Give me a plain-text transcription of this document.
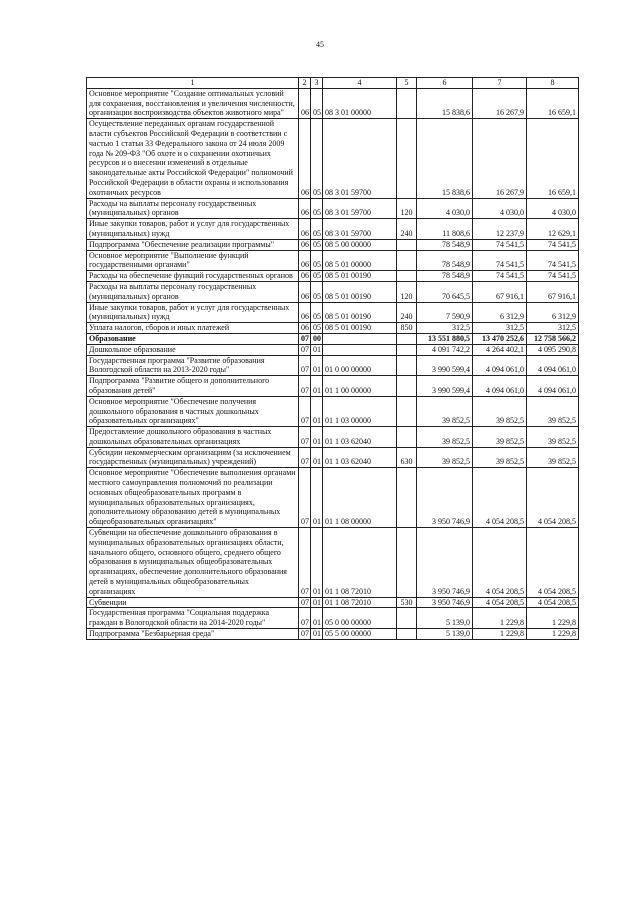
45
1	2	3	4	5	6	7	8
Основное мероприятие "Создание оптимальных условий для сохранения, восстановления и увеличения численности, организации воспроизводства объектов животного мира"	06	05	08 3 01 00000		15 838,6	16 267,9	16 659,1
Осуществление переданных органам государственной власти субъектов Российской Федерации в соответствии с частью 1 статьи 33 Федерального закона от 24 июля 2009 года № 209-ФЗ "Об охоте и о сохранении охотничьих ресурсов и о внесении изменений в отдельные законодательные акты Российской Федерации" полномочий Российской Федерации в области охраны и использования охотничьих ресурсов	06	05	08 3 01 59700		15 838,6	16 267,9	16 659,1
Расходы на выплаты персоналу государственных (муниципальных) органов	06	05	08 3 01 59700	120	4 030,0	4 030,0	4 030,0
Иные закупки товаров, работ и услуг для государственных (муниципальных) нужд	06	05	08 3 01 59700	240	11 808,6	12 237,9	12 629,1
Подпрограмма "Обеспечение реализации программы"	06	05	08 5 00 00000		78 548,9	74 541,5	74 541,5
Основное мероприятие "Выполнение функций государственными органами"	06	05	08 5 01 00000		78 548,9	74 541,5	74 541,5
Расходы на обеспечение функций государственных органов	06	05	08 5 01 00190		78 548,9	74 541,5	74 541,5
Расходы на выплаты персоналу государственных (муниципальных) органов	06	05	08 5 01 00190	120	70 645,5	67 916,1	67 916,1
Иные закупки товаров, работ и услуг для государственных (муниципальных) нужд	06	05	08 5 01 00190	240	7 590,9	6 312,9	6 312,9
Уплата налогов, сборов и иных платежей	06	05	08 5 01 00190	850	312,5	312,5	312,5
Образование	07	00			13 551 880,5	13 470 252,6	12 758 566,2
Дошкольное образование	07	01			4 091 742,2	4 264 402,1	4 095 290,8
Государственная программа "Развитие образования Вологодской области на 2013-2020 годы"	07	01	01 0 00 00000		3 990 599,4	4 094 061,0	4 094 061,0
Подпрограмма "Развитие общего и дополнительного образования детей"	07	01	01 1 00 00000		3 990 599,4	4 094 061,0	4 094 061,0
Основное мероприятие "Обеспечение получения дошкольного образования в частных дошкольных образовательных организациях"	07	01	01 1 03 00000		39 852,5	39 852,5	39 852,5
Предоставление дошкольного образования в частных дошкольных образовательных организациях	07	01	01 1 03 62040		39 852,5	39 852,5	39 852,5
Субсидии некоммерческим организациям (за исключением государственных (муниципальных) учреждений)	07	01	01 1 03 62040	630	39 852,5	39 852,5	39 852,5
Основное мероприятие "Обеспечение выполнения органами местного самоуправления полномочий по реализации основных общеобразовательных программ в муниципальных образовательных организациях, дополнительному образованию детей в муниципальных общеобразовательных организациях"	07	01	01 1 08 00000		3 950 746,9	4 054 208,5	4 054 208,5
Субвенции на обеспечение дошкольного образования в муниципальных образовательных организациях области, начального общего, основного общего, среднего общего образования в муниципальных общеобразовательных организациях, обеспечение дополнительного образования детей в муниципальных общеобразовательных организациях	07	01	01 1 08 72010		3 950 746,9	4 054 208,5	4 054 208,5
Субвенции	07	01	01 1 08 72010	530	3 950 746,9	4 054 208,5	4 054 208,5
Государственная программа "Социальная поддержка граждан в Вологодской области на 2014-2020 годы"	07	01	05 0 00 00000		5 139,0	1 229,8	1 229,8
Подпрограмма "Безбарьерная среда"	07	01	05 5 00 00000		5 139,0	1 229,8	1 229,8
